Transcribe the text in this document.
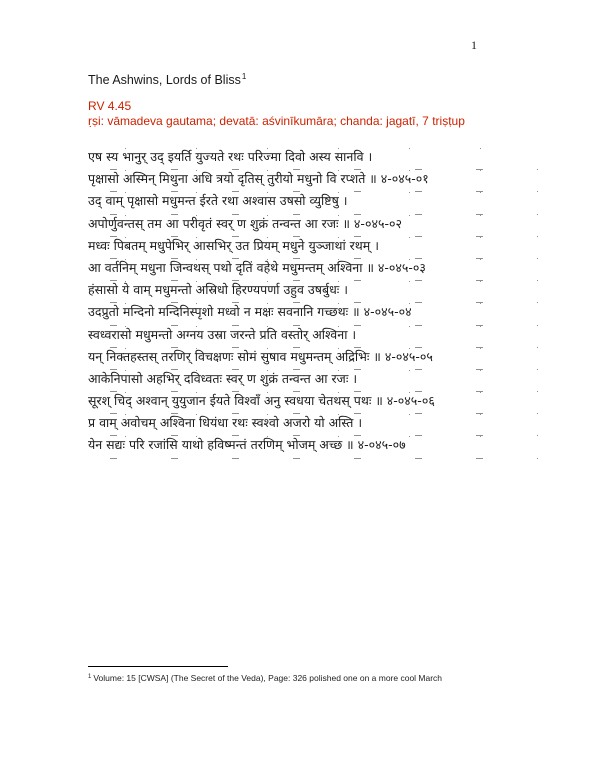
1
The Ashwins, Lords of Bliss$^1$
RV 4.45
ṛṣi: vāmadeva gautama; devatā: aśvinīkumāra; chanda: jagatī, 7 triṣṭup
एष स्य भानुर् उद् इयर्ति युज्यते रथः परिज्मा दिवो अस्य सानवि ।
पृक्षासो अस्मिन् मिथुना अधि त्रयो दृतिस् तुरीयो मधुनो वि रप्शते ॥ ४-०४५-०१
उद् वाम् पृक्षासो मधुमन्त ईरते रथा अश्वास उषसो व्युष्टिषु ।
अपोर्णुवन्तस् तम आ परीवृतं स्वर् ण शुक्रं तन्वन्त आ रजः ॥ ४-०४५-०२
मध्वः पिबतम् मधुपेभिर् आसभिर् उत प्रियम् मधुने युञ्जाथां रथम् ।
आ वर्तनिम् मधुना जिन्वथस् पथो दृतिं वहेथे मधुमन्तम् अश्विना ॥ ४-०४५-०३
हंसासो ये वाम् मधुमन्तो अस्रिधो हिरण्यपर्णा उहुव उषर्बुधः ।
उदप्रुतो मन्दिनो मन्दिनिस्पृशो मध्वो न मक्षः सवनानि गच्छथः ॥ ४-०४५-०४
स्वध्वरासो मधुमन्तो अग्नय उस्रा जरन्ते प्रति वस्तोर् अश्विना ।
यन् निक्तहस्तस् तरणिर् विचक्षणः सोमं सुषाव मधुमन्तम् अद्रिभिः ॥ ४-०४५-०५
आकेनिपासो अहभिर् दविध्वतः स्वर् ण शुक्रं तन्वन्त आ रजः ।
सूरश् चिद् अश्वान् युयुजान ईयते विश्वाँ अनु स्वधया चेतथस् पथः ॥ ४-०४५-०६
प्र वाम् अवोचम् अश्विना धियंधा रथः स्वश्वो अजरो यो अस्ति ।
येन सद्यः परि रजांसि याथो हविष्मन्तं तरणिम् भोजम् अच्छ ॥ ४-०४५-०७
$^1$ Volume: 15 [CWSA] (The Secret of the Veda), Page: 326 polished one on a more cool March
